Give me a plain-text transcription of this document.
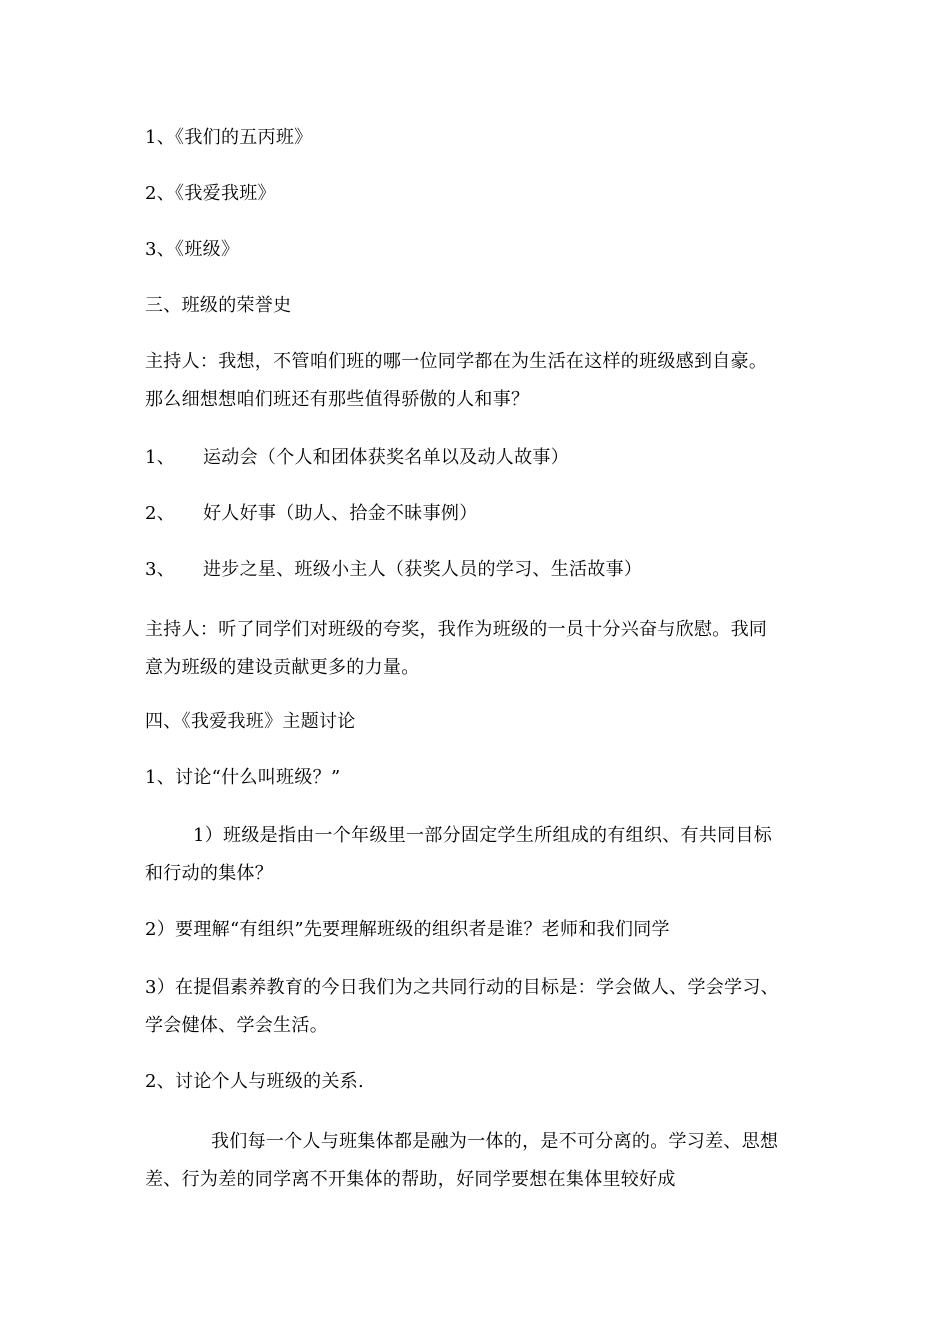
1、《我们的五丙班》
2、《我爱我班》
3、《班级》
三、班级的荣誉史
主持人：我想，不管咱们班的哪一位同学都在为生活在这样的班级感到自豪。
那么细想想咱们班还有那些值得骄傲的人和事？
1、 运动会（个人和团体获奖名单以及动人故事）
2、 好人好事（助人、拾金不昧事例）
3、 进步之星、班级小主人（获奖人员的学习、生活故事）
主持人：听了同学们对班级的夸奖，我作为班级的一员十分兴奋与欣慰。我同
意为班级的建设贡献更多的力量。
四、《我爱我班》主题讨论
1、讨论“什么叫班级？”
1）班级是指由一个年级里一部分固定学生所组成的有组织、有共同目标
和行动的集体？
2）要理解“有组织”先要理解班级的组织者是谁？老师和我们同学
3）在提倡素养教育的今日我们为之共同行动的目标是：学会做人、学会学习、
学会健体、学会生活。
2、讨论个人与班级的关系.
我们每一个人与班集体都是融为一体的，是不可分离的。学习差、思想
差、行为差的同学离不开集体的帮助，好同学要想在集体里较好成
